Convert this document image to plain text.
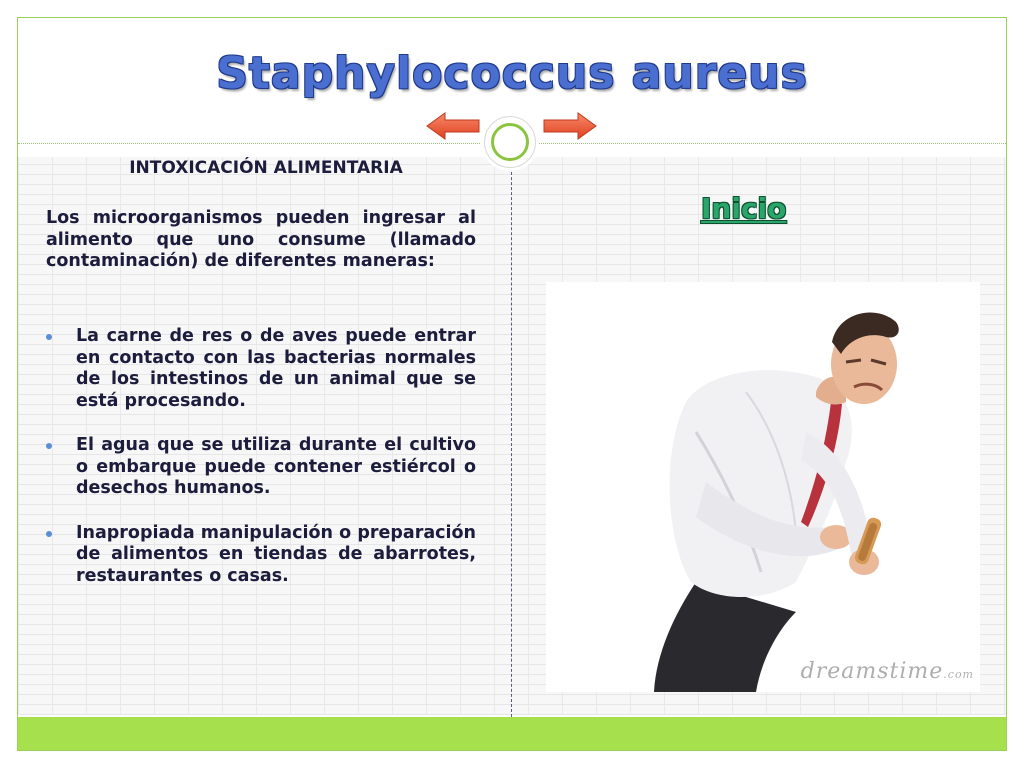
Staphylococcus aureus
INTOXICACIÓN ALIMENTARIA

Los microorganismos pueden ingresar al alimento que uno consume (llamado contaminación) de diferentes maneras:

La carne de res o de aves puede entrar en contacto con las bacterias normales de los intestinos de un animal que se está procesando.
El agua que se utiliza durante el cultivo o embarque puede contener estiércol o desechos humanos.
Inapropiada manipulación o preparación de alimentos en tiendas de abarrotes, restaurantes o casas.
Inicio
dreamstime.com
